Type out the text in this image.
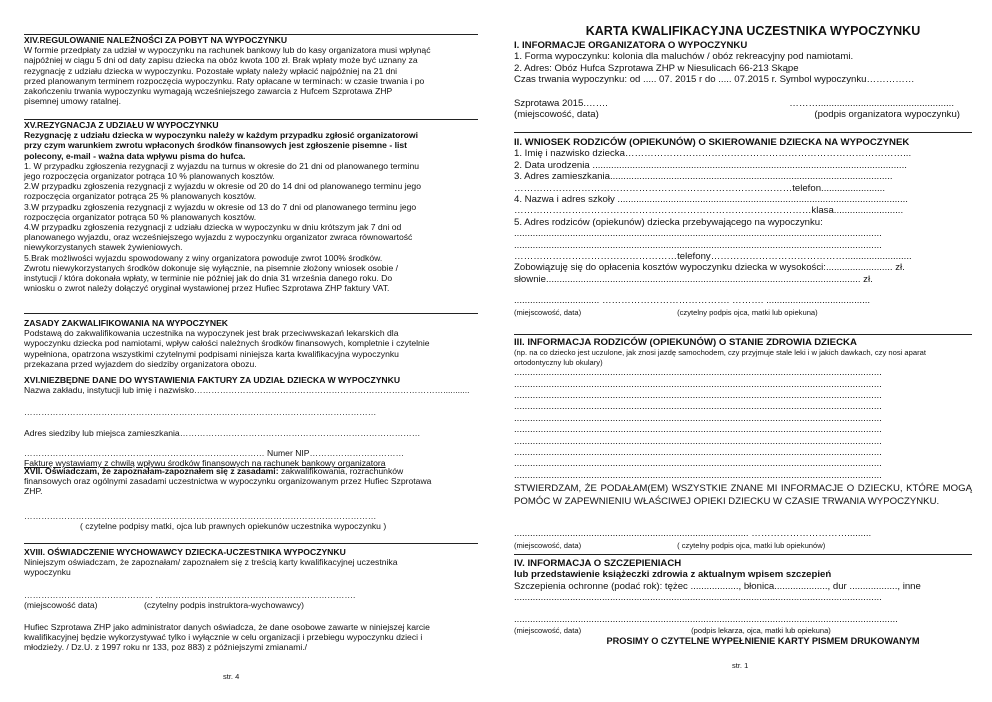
XIV.REGULOWANIE NALEŻNOŚCI ZA POBYT NA WYPOCZYNKU
W formie przedpłaty za udział w wypoczynku na rachunek bankowy lub do kasy organizatora musi wpłynąć
najpóźniej w ciągu 5 dni od daty zapisu dziecka na obóz kwota 100 zł. Brak wpłaty może być uznany za
rezygnację z udziału dziecka w wypoczynku. Pozostałe wpłaty należy wpłacić najpóźniej na 21 dni
przed planowanym terminem rozpoczęcia wypoczynku. Raty opłacane w terminach: w czasie trwania i po
zakończeniu trwania wypoczynku wymagają wcześniejszego zawarcia z Hufcem Szprotawa ZHP
pisemnej umowy ratalnej.
XV.REZYGNACJA Z UDZIAŁU W WYPOCZYNKU
Rezygnację z udziału dziecka w wypoczynku należy w każdym przypadku zgłosić organizatorowi
przy czym warunkiem zwrotu wpłaconych środków finansowych jest zgłoszenie pisemne - list
polecony, e-mail - ważna data wpływu pisma do hufca.
1. W przypadku zgłoszenia rezygnacji z wyjazdu na turnus w okresie do 21 dni od planowanego terminu
jego rozpoczęcia organizator potrąca 10 % planowanych kosztów.
2.W przypadku zgłoszenia rezygnacji z wyjazdu w okresie od 20 do 14 dni od planowanego terminu jego
rozpoczęcia organizator potrąca 25 % planowanych kosztów.
3.W przypadku zgłoszenia rezygnacji z wyjazdu w okresie od 13 do 7 dni od planowanego terminu jego
rozpoczęcia organizator potrąca 50 % planowanych kosztów.
4.W przypadku zgłoszenia rezygnacji z udziału dziecka w wypoczynku w dniu krótszym jak 7 dni od
planowanego wyjazdu, oraz wcześniejszego wyjazdu z wypoczynku organizator zwraca równowartość
niewykorzystanych stawek żywieniowych.
5.Brak możliwości wyjazdu spowodowany z winy organizatora powoduje zwrot 100% środków.
Zwrotu niewykorzystanych środków dokonuje się wyłącznie, na pisemnie złożony wniosek osobie /
instytucji / która dokonała wpłaty, w terminie nie później jak do dnia 31 września danego roku. Do
wniosku o zwrot należy dołączyć oryginał wystawionej przez Hufiec Szprotawa ZHP faktury VAT.
ZASADY ZAKWALIFIKOWANIA NA WYPOCZYNEK
Podstawą do zakwalifikowania uczestnika na wypoczynek jest brak przeciwwskazań lekarskich dla
wypoczynku dziecka pod namiotami, wpływ całości należnych środków finansowych, kompletnie i czytelnie
wypełniona, opatrzona wszystkimi czytelnymi podpisami niniejsza karta kwalifikacyjna wypoczynku
przekazana przed wyjazdem do siedziby organizatora obozu.
XVI.NIEZBĘDNE DANE DO WYSTAWIENIA FAKTURY ZA UDZIAŁ DZIECKA W WYPOCZYNKU
Nazwa zakładu, instytucji lub imię i nazwisko……………………………………………………………………………...........
……………………………………………………………………………………………………………
Adres siedziby lub miejsca zamieszkania…………………………………………………………………………
………………………………………………………………………… Numer NIP……………………………
Fakturę wystawiamy z chwilą wpływu środków finansowych na rachunek bankowy organizatora
XVII. Oświadczam, że zapoznałam-zapoznałem się z zasadami: zakwalifikowania, rozrachunków
finansowych oraz ogólnymi zasadami uczestnictwa w wypoczynku organizowanym przez Hufiec Szprotawa
ZHP.
……………………………………………………………………………………………………………
( czytelne podpisy matki, ojca lub prawnych opiekunów uczestnika wypoczynku )
XVIII. OŚWIADCZENIE WYCHOWAWCY DZIECKA-UCZESTNIKA WYPOCZYNKU
Niniejszym oświadczam, że zapoznałam/ zapoznałem się z treścią karty kwalifikacyjnej uczestnika
wypoczynku
……………………………………… …………………………………………………………….
(miejscowość data)	(czytelny podpis instruktora-wychowawcy)
Hufiec Szprotawa ZHP jako administrator danych oświadcza, że dane osobowe zawarte w niniejszej karcie
kwalifikacyjnej będzie wykorzystywać tylko i wyłącznie w celu organizacji i przebiegu wypoczynku dzieci i
młodzieży. / Dz.U. z 1997 roku nr 133, poz 883) z późniejszymi zmianami./
str. 4
KARTA KWALIFIKACYJNA UCZESTNIKA WYPOCZYNKU
I. INFORMACJE ORGANIZATORA O WYPOCZYNKU
1. Forma wypoczynku: kolonia dla maluchów / obóz rekreacyjny pod namiotami.
2. Adres: Obóz Hufca Szprotawa ZHP w Niesulicach 66-213 Skąpe
Czas trwania wypoczynku: od ..... 07. 2015 r do ..... 07.2015 r. Symbol wypoczynku……………
Szprotawa 2015.…….	………...................................................
(miejscowość, data)	(podpis organizatora wypoczynku)
II. WNIOSEK RODZICÓW (OPIEKUNÓW) O SKIEROWANIE DZIECKA NA WYPOCZYNEK
1. Imię i nazwisko dziecka……………………………………………………………………………...
2. Data urodzenia ......................................................................................................................
3. Adres zamieszkania..........................................................................................................
……………………………………………………………………………telefon........................
4. Nazwa i adres szkoły .............................................................................................................
…………………………………………………………………………………klasa..........................
5. Adres rodziców (opiekunów) dziecka przebywającego na wypoczynku:
..........................................................................................................................................
..........................................................................................................................................
……………………………………………telefony…………………………………….........................
Zobowiązuję się do opłacenia kosztów wypoczynku dziecka w wysokości:......................... zł.
słownie...................................................................................................................... zł.
................................ …………………………………. ………. .......................................
(miejscowość, data)	(czytelny podpis ojca, matki lub opiekuna)
III. INFORMACJA RODZICÓW (OPIEKUNÓW) O STANIE ZDROWIA DZIECKA
(np. na co dziecko jest uczulone, jak znosi jazdę samochodem, czy przyjmuje stale leki i w jakich dawkach, czy nosi aparat ortodontyczny lub okulary)
..........................................................................................................................................
..........................................................................................................................................
..........................................................................................................................................
..........................................................................................................................................
..........................................................................................................................................
..........................................................................................................................................
..........................................................................................................................................
..........................................................................................................................................
..........................................................................................................................................
..........................................................................................................................................
STWIERDZAM, ŻE PODAŁAM(EM) WSZYSTKIE ZNANE MI INFORMACJE O DZIECKU, KTÓRE MOGĄ POMÓC W ZAPEWNIENIU WŁAŚCIWEJ OPIEKI DZIECKU W CZASIE TRWANIA WYPOCZYNKU.
........................................................................................ ………………………….........
(miejscowość, data)	( czytelny podpis ojca, matki lub opiekunów)
IV. INFORMACJA O SZCZEPIENIACH
lub przedstawienie książeczki zdrowia z aktualnym wpisem szczepień
Szczepienia ochronne (podać rok): tężec .................., błonica...................., dur .................., inne
..........................................................................................................................................
................................................................................................................................................
(miejscowość, data)	(podpis lekarza, ojca, matki lub opiekuna)
PROSIMY O CZYTELNE WYPEŁNIENIE KARTY PISMEM DRUKOWANYM
str. 1
